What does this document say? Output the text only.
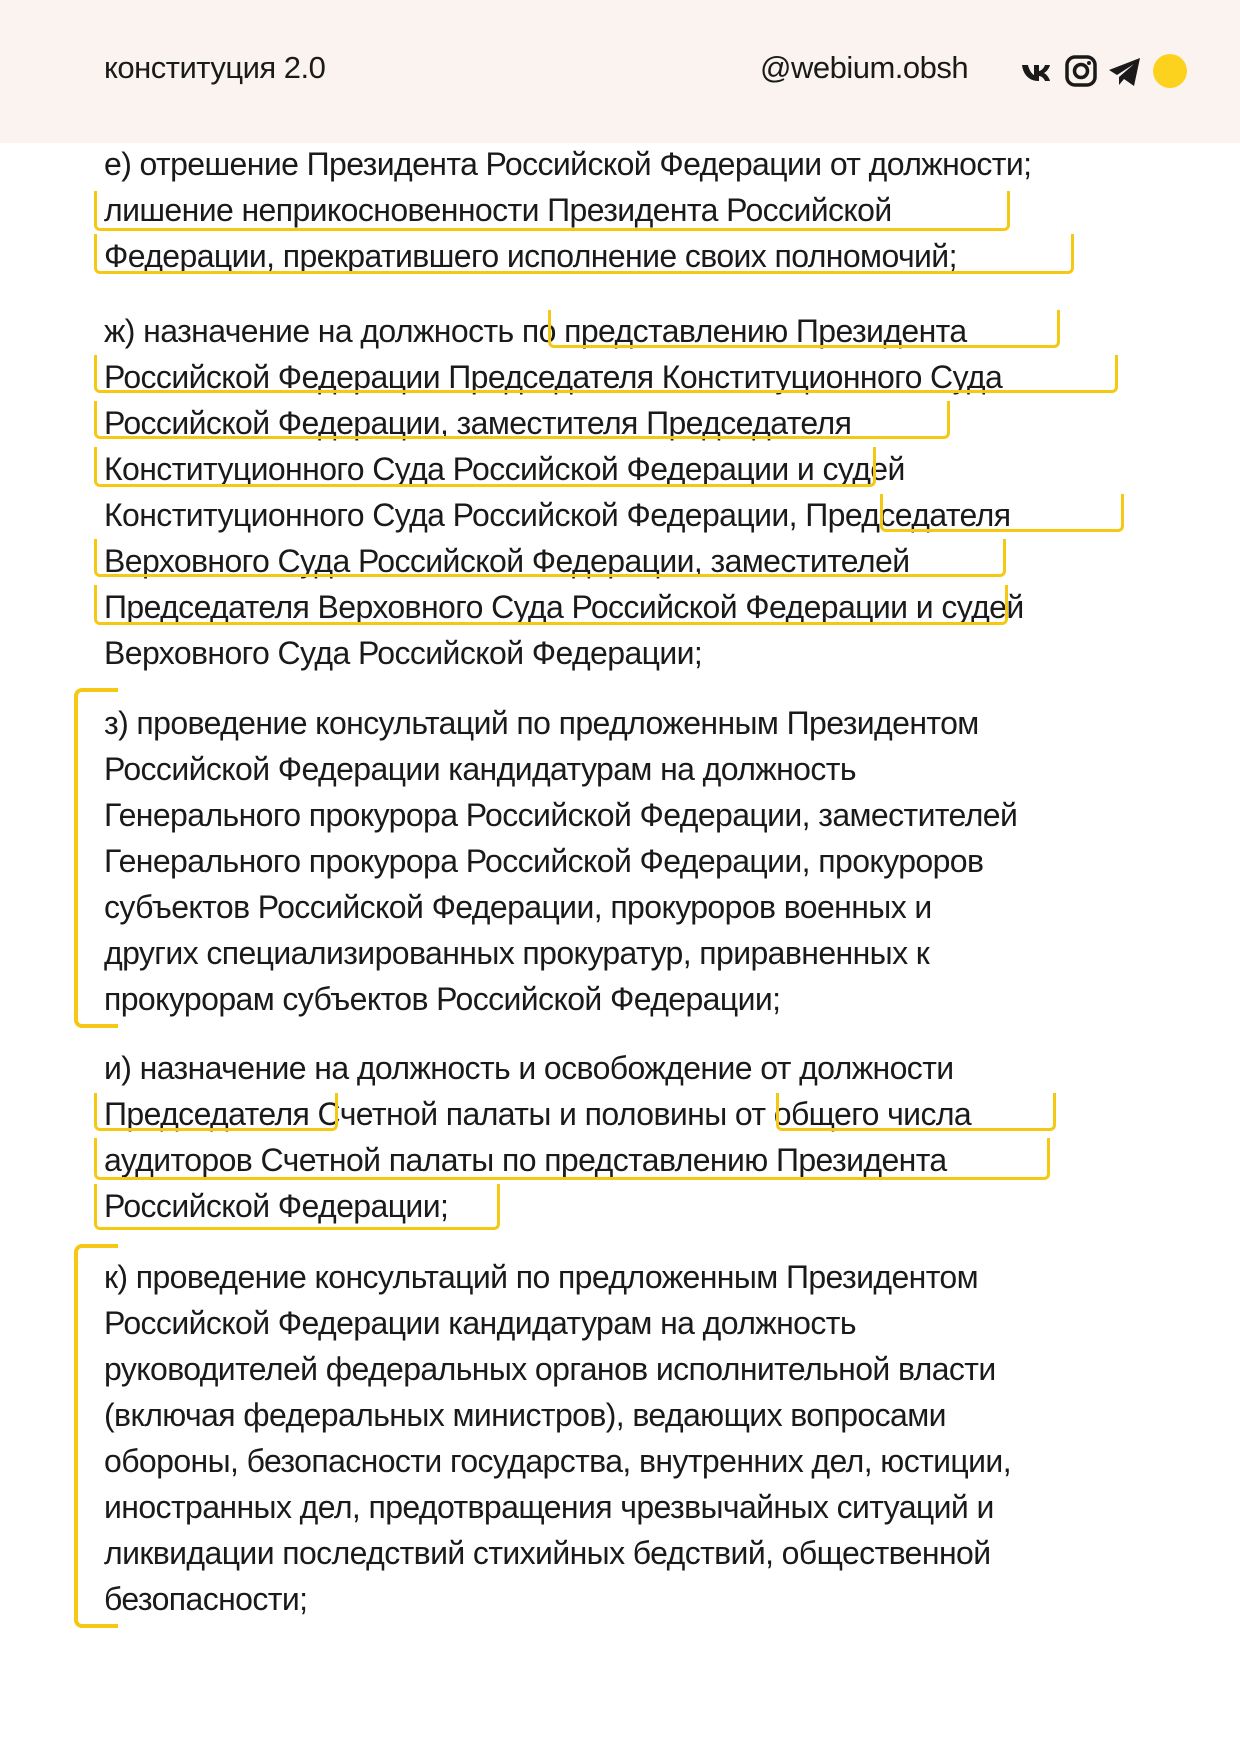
конституция 2.0	@webium.obsh
е) отрешение Президента Российской Федерации от должности;
лишение неприкосновенности Президента Российской
Федерации, прекратившего исполнение своих полномочий;
ж) назначение на должность по представлению Президента
Российской Федерации Председателя Конституционного Суда
Российской Федерации, заместителя Председателя
Конституционного Суда Российской Федерации и судей
Конституционного Суда Российской Федерации, Председателя
Верховного Суда Российской Федерации, заместителей
Председателя Верховного Суда Российской Федерации и судей
Верховного Суда Российской Федерации;
з) проведение консультаций по предложенным Президентом
Российской Федерации кандидатурам на должность
Генерального прокурора Российской Федерации, заместителей
Генерального прокурора Российской Федерации, прокуроров
субъектов Российской Федерации, прокуроров военных и
других специализированных прокуратур, приравненных к
прокурорам субъектов Российской Федерации;
и) назначение на должность и освобождение от должности
Председателя Счетной палаты и половины от общего числа
аудиторов Счетной палаты по представлению Президента
Российской Федерации;
к) проведение консультаций по предложенным Президентом
Российской Федерации кандидатурам на должность
руководителей федеральных органов исполнительной власти
(включая федеральных министров), ведающих вопросами
обороны, безопасности государства, внутренних дел, юстиции,
иностранных дел, предотвращения чрезвычайных ситуаций и
ликвидации последствий стихийных бедствий, общественной
безопасности;
